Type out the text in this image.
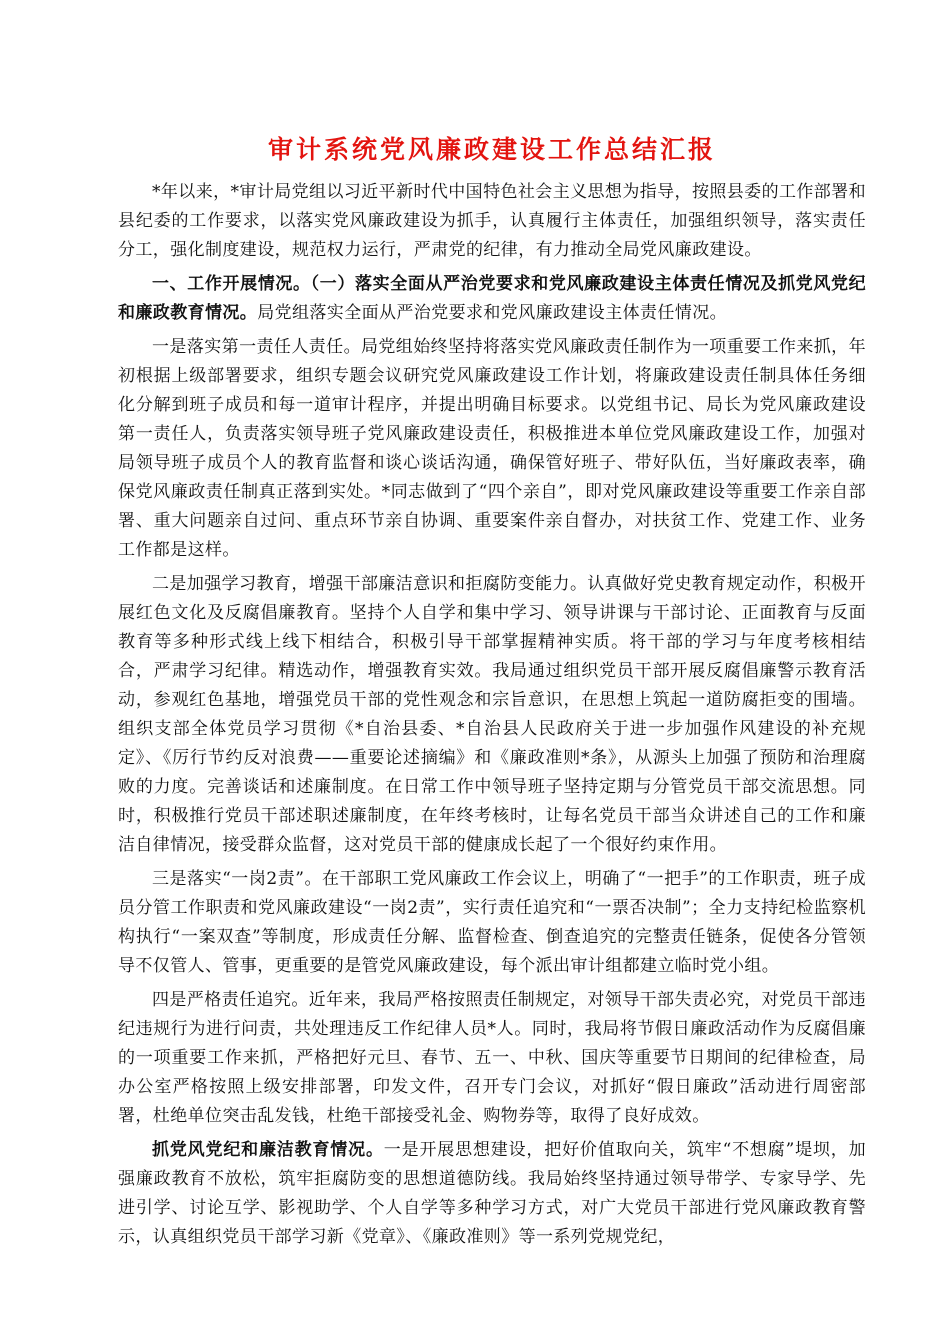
审计系统党风廉政建设工作总结汇报

*年以来，*审计局党组以习近平新时代中国特色社会主义思想为指导，按照县委的工作部署和县纪委的工作要求，以落实党风廉政建设为抓手，认真履行主体责任，加强组织领导，落实责任分工，强化制度建设，规范权力运行，严肃党的纪律，有力推动全局党风廉政建设。

一、工作开展情况。（一）落实全面从严治党要求和党风廉政建设主体责任情况及抓党风党纪和廉政教育情况。局党组落实全面从严治党要求和党风廉政建设主体责任情况。

一是落实第一责任人责任。局党组始终坚持将落实党风廉政责任制作为一项重要工作来抓，年初根据上级部署要求，组织专题会议研究党风廉政建设工作计划，将廉政建设责任制具体任务细化分解到班子成员和每一道审计程序，并提出明确目标要求。以党组书记、局长为党风廉政建设第一责任人，负责落实领导班子党风廉政建设责任，积极推进本单位党风廉政建设工作，加强对局领导班子成员个人的教育监督和谈心谈话沟通，确保管好班子、带好队伍，当好廉政表率，确保党风廉政责任制真正落到实处。*同志做到了“四个亲自”，即对党风廉政建设等重要工作亲自部署、重大问题亲自过问、重点环节亲自协调、重要案件亲自督办，对扶贫工作、党建工作、业务工作都是这样。

二是加强学习教育，增强干部廉洁意识和拒腐防变能力。认真做好党史教育规定动作，积极开展红色文化及反腐倡廉教育。坚持个人自学和集中学习、领导讲课与干部讨论、正面教育与反面教育等多种形式线上线下相结合，积极引导干部掌握精神实质。将干部的学习与年度考核相结合，严肃学习纪律。精选动作，增强教育实效。我局通过组织党员干部开展反腐倡廉警示教育活动，参观红色基地，增强党员干部的党性观念和宗旨意识，在思想上筑起一道防腐拒变的围墙。组织支部全体党员学习贯彻《*自治县委、*自治县人民政府关于进一步加强作风建设的补充规定》、《厉行节约反对浪费——重要论述摘编》和《廉政准则*条》，从源头上加强了预防和治理腐败的力度。完善谈话和述廉制度。在日常工作中领导班子坚持定期与分管党员干部交流思想。同时，积极推行党员干部述职述廉制度，在年终考核时，让每名党员干部当众讲述自己的工作和廉洁自律情况，接受群众监督，这对党员干部的健康成长起了一个很好约束作用。

三是落实“一岗2责”。在干部职工党风廉政工作会议上，明确了“一把手”的工作职责，班子成员分管工作职责和党风廉政建设“一岗2责”，实行责任追究和“一票否决制”；全力支持纪检监察机构执行“一案双查”等制度，形成责任分解、监督检查、倒查追究的完整责任链条，促使各分管领导不仅管人、管事，更重要的是管党风廉政建设，每个派出审计组都建立临时党小组。

四是严格责任追究。近年来，我局严格按照责任制规定，对领导干部失责必究，对党员干部违纪违规行为进行问责，共处理违反工作纪律人员*人。同时，我局将节假日廉政活动作为反腐倡廉的一项重要工作来抓，严格把好元旦、春节、五一、中秋、国庆等重要节日期间的纪律检查，局办公室严格按照上级安排部署，印发文件，召开专门会议，对抓好“假日廉政”活动进行周密部署，杜绝单位突击乱发钱，杜绝干部接受礼金、购物券等，取得了良好成效。

抓党风党纪和廉洁教育情况。一是开展思想建设，把好价值取向关，筑牢“不想腐”堤坝，加强廉政教育不放松，筑牢拒腐防变的思想道德防线。我局始终坚持通过领导带学、专家导学、先进引学、讨论互学、影视助学、个人自学等多种学习方式，对广大党员干部进行党风廉政教育警示，认真组织党员干部学习新《党章》、《廉政准则》等一系列党规党纪，
